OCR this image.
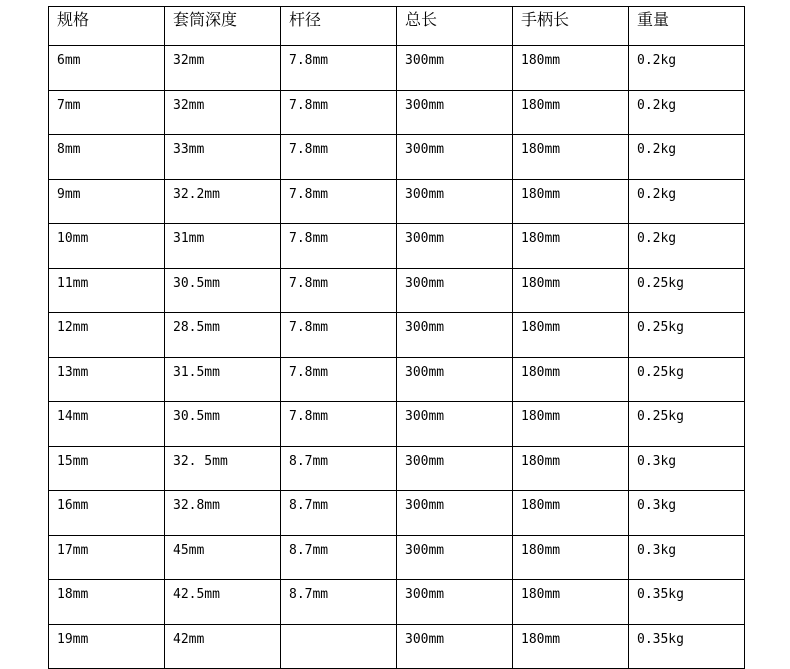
规格	套筒深度	杆径	总长	手柄长	重量
6mm	32mm	7.8mm	300mm	180mm	0.2kg
7mm	32mm	7.8mm	300mm	180mm	0.2kg
8mm	33mm	7.8mm	300mm	180mm	0.2kg
9mm	32.2mm	7.8mm	300mm	180mm	0.2kg
10mm	31mm	7.8mm	300mm	180mm	0.2kg
11mm	30.5mm	7.8mm	300mm	180mm	0.25kg
12mm	28.5mm	7.8mm	300mm	180mm	0.25kg
13mm	31.5mm	7.8mm	300mm	180mm	0.25kg
14mm	30.5mm	7.8mm	300mm	180mm	0.25kg
15mm	32. 5mm	8.7mm	300mm	180mm	0.3kg
16mm	32.8mm	8.7mm	300mm	180mm	0.3kg
17mm	45mm	8.7mm	300mm	180mm	0.3kg
18mm	42.5mm	8.7mm	300mm	180mm	0.35kg
19mm	42mm		300mm	180mm	0.35kg
